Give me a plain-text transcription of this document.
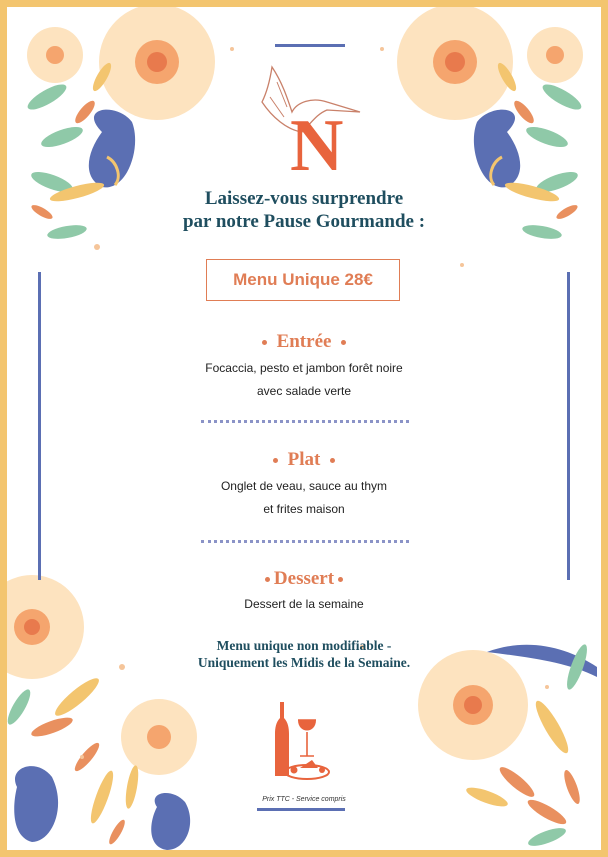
N
Laissez-vous surprendre
par notre Pause Gourmande :
Menu Unique 28€
Entrée
Focaccia, pesto et jambon forêt noire
avec salade verte
Plat
Onglet de veau, sauce au thym
et frites maison
Dessert
Dessert de la semaine
Menu unique non modifiable -
Uniquement les Midis de la Semaine.
Prix TTC - Service compris
